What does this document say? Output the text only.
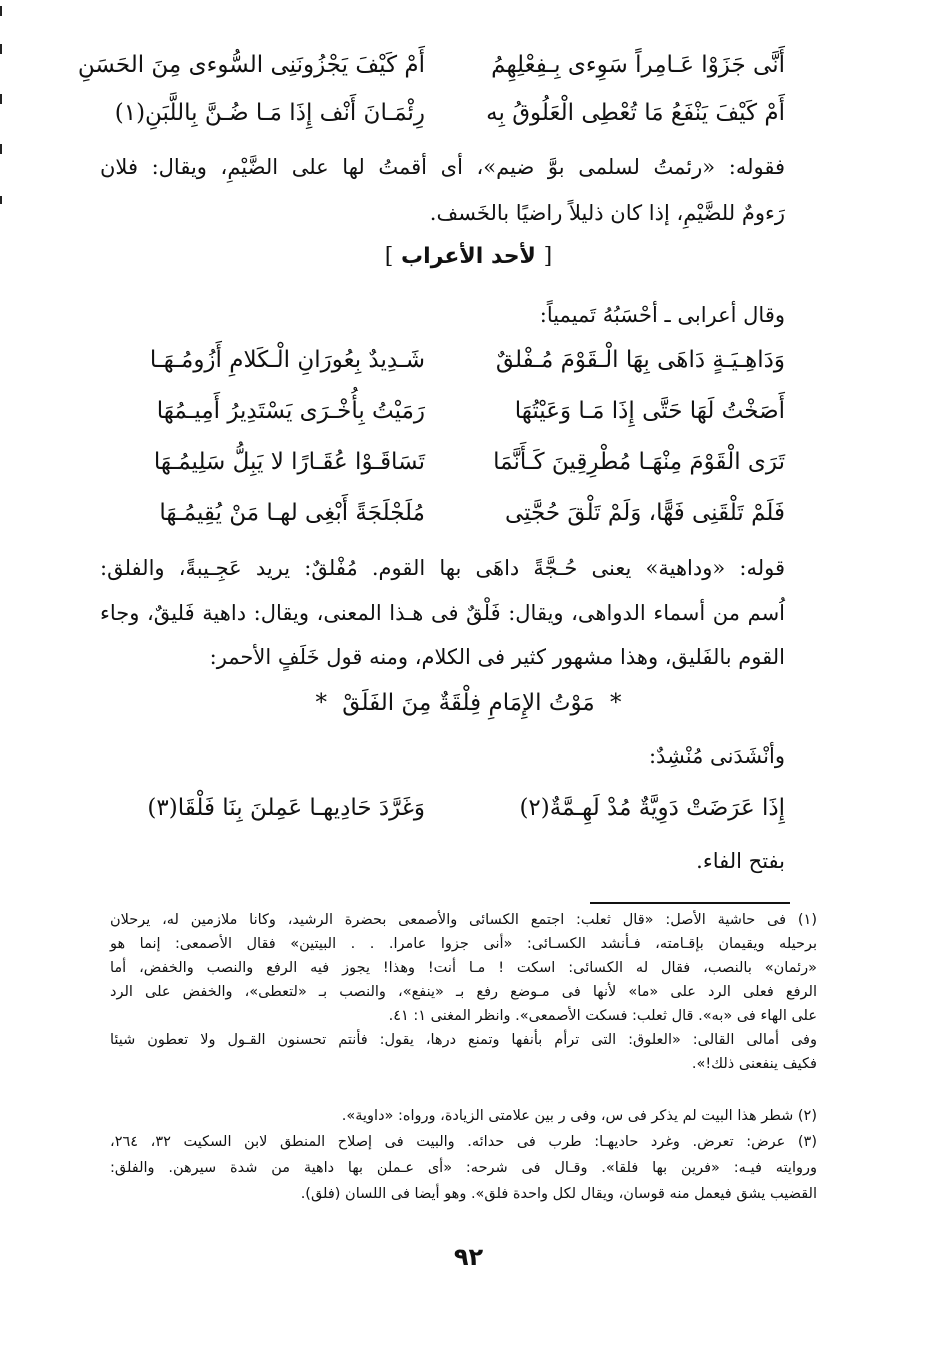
أَنَّى جَزَوْا عَـامِراً سَوِءى بِـفِعْلِهِمُ
أَمْ كَيْفَ يَجْزُونَنِى السُّوءى مِنَ الحَسَنِ
أَمْ كَيْفَ يَنْفَعُ مَا تُعْطِى الْعَلُوقُ بِه
رِئْمَـانَ أَنْف إِذَا مَـا ضُـنَّ بِاللَّبَنِ(١)
فقوله: «رئمتُ لسلمى بوَّ ضيم»، أى أقمتُ لها على الضَّيْمِ، ويقال: فلان
رَءومٌ للضَّيْمِ، إذا كان ذليلاً راضيًا بالخَسف.
[ لأحد الأعراب ]
وقال أعرابى ـ أحْسَبُهُ تَميمياً:
وَدَاهِـيَـةٍ دَاهَى بِهَا الْـقَوْمَ مُـفْلقٌ
شَـدِيدٌ بِعُورَانِ الْـكَلامِ أَزُومُـهَـا
أَصَخْتُ لَهَا حَتَّى إِذَا مَـا وَعَيْتُهَا
رَمَيْتُ بِأُخْـرَى يَسْتَدِيرُ أَمِيـمُهَا
تَرَى الْقَوْمَ مِنْهَـا مُطْرِقِينَ كَـأَنَّمَا
تَسَاقَـوْا عُقَـارًا لا يَبِلُّ سَلِيمُـهَا
فَلَمْ تَلْقَنِى فَهًّا، وَلَمْ تَلْقَ حُجَّتِى
مُلَجْلَجَةً أَبْغِى لهـا مَنْ يُقِيمُـهَا
قوله: «وداهية» يعنى حُـجَّةً داهَى بها القوم. مُفْلقٌ: يريد عَجِـيبةً، والفلق:
اُسم من أسماء الدواهى، ويقال: فَلْقٌ فى هـذا المعنى، ويقال: داهية فَليقٌ، وجاء
القوم بالفَليق، وهذا مشهور كثير فى الكلام، ومنه قول خَلَفٍ الأحمر:
* مَوْتُ الإِمَامِ فِلْقَةٌ مِنَ الفَلَقْ *
وأنْشَدَنى مُنْشِدٌ:
إِذَا عَرَضَتْ دَوِيَّةٌ مُدْ لَهِـمَّةٌ(٢)
وَغَرَّدَ حَادِيهـا عَمِلنَ بِنَا فَلْقَا(٣)
بفتح الفاء.
(١) فى حاشية الأصل: «قال ثعلب: اجتمع الكسائى والأصمعى بحضرة الرشيد، وكانا ملازمين له، يرحلان
برحيله ويقيمان بإقـامته، فـأنشد الكسـائى: «أنى جزوا عامرا. . . البيتين» فقال الأصمعى: إنما هو
«رئمان» بالنصب، فقال له الكسائى: اسكت ! مـا أنت! وهذا! يجوز فيه الرفع والنصب والخفض، أما
الرفع فعلى الرد على «ما» لأنها فى مـوضع رفع بـ «ينفع»، والنصب بـ «لتعطى»، والخفض على الرد
على الهاء فى «به». قال ثعلب: فسكت الأصمعى». وانظر المغنى ١: ٤١.
وفى أمالى القالى: «العلوق: التى ترأم بأنفها وتمنع درها، يقول: فأنتم تحسنون القـول ولا تعطون شيئا
فكيف ينفعنى ذلك!».
(٢) شطر هذا البيت لم يذكر فى س، وفى ر بين علامتى الزيادة، ورواه: «داوية».
(٣) عرض: تعرض. وغرد حاديهـا: طرب فى حدائه. والبيت فى إصلاح المنطق لابن السكيت ٣٢، ٢٦٤،
وروايته فيـه: «فرين بها فلقا». وقـال فى شرحه: «أى عـملن بها داهية من شدة سيرهن. والفلق:
القضيب يشق فيعمل منه قوسان، ويقال لكل واحدة فلق». وهو أيضا فى اللسان (فلق).
٩٢
